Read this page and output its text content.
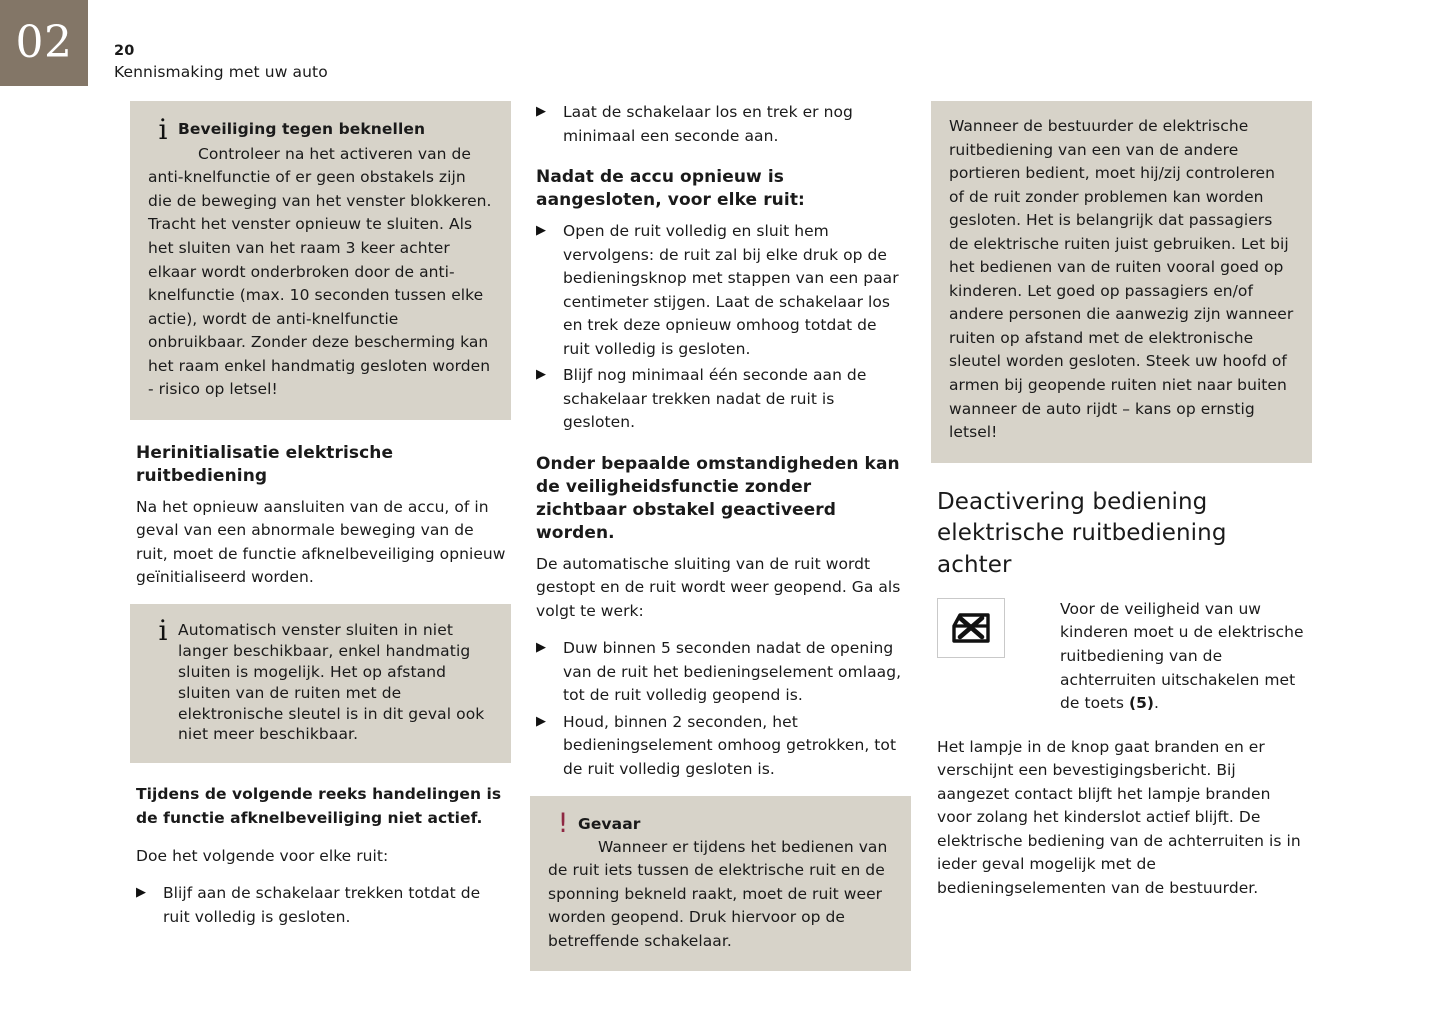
02	20
Kennismaking met uw auto
i Beveiliging tegen beknellen
Controleer na het activeren van de anti-knelfunctie of er geen obstakels zijn die de beweging van het venster blokkeren. Tracht het venster opnieuw te sluiten. Als het sluiten van het raam 3 keer achter elkaar wordt onderbroken door de anti-knelfunctie (max. 10 seconden tussen elke actie), wordt de anti-knelfunctie onbruikbaar. Zonder deze bescherming kan het raam enkel handmatig gesloten worden - risico op letsel!
Herinitialisatie elektrische ruitbediening
Na het opnieuw aansluiten van de accu, of in geval van een abnormale beweging van de ruit, moet de functie afknelbeveiliging opnieuw geïnitialiseerd worden.
i Automatisch venster sluiten in niet langer beschikbaar, enkel handmatig sluiten is mogelijk. Het op afstand sluiten van de ruiten met de elektronische sleutel is in dit geval ook niet meer beschikbaar.
Tijdens de volgende reeks handelingen is de functie afknelbeveiliging niet actief.
Doe het volgende voor elke ruit:
▶	Blijf aan de schakelaar trekken totdat de ruit volledig is gesloten.
▶	Laat de schakelaar los en trek er nog minimaal een seconde aan.
Nadat de accu opnieuw is aangesloten, voor elke ruit:
▶	Open de ruit volledig en sluit hem vervolgens: de ruit zal bij elke druk op de bedieningsknop met stappen van een paar centimeter stijgen. Laat de schakelaar los en trek deze opnieuw omhoog totdat de ruit volledig is gesloten.
▶	Blijf nog minimaal één seconde aan de schakelaar trekken nadat de ruit is gesloten.
Onder bepaalde omstandigheden kan de veiligheidsfunctie zonder zichtbaar obstakel geactiveerd worden.
De automatische sluiting van de ruit wordt gestopt en de ruit wordt weer geopend. Ga als volgt te werk:
▶	Duw binnen 5 seconden nadat de opening van de ruit het bedieningselement omlaag, tot de ruit volledig geopend is.
▶	Houd, binnen 2 seconden, het bedieningselement omhoog getrokken, tot de ruit volledig gesloten is.
! Gevaar
Wanneer er tijdens het bedienen van de ruit iets tussen de elektrische ruit en de sponning bekneld raakt, moet de ruit weer worden geopend. Druk hiervoor op de betreffende schakelaar.
Wanneer de bestuurder de elektrische ruitbediening van een van de andere portieren bedient, moet hij/zij controleren of de ruit zonder problemen kan worden gesloten. Het is belangrijk dat passagiers de elektrische ruiten juist gebruiken. Let bij het bedienen van de ruiten vooral goed op kinderen. Let goed op passagiers en/of andere personen die aanwezig zijn wanneer ruiten op afstand met de elektronische sleutel worden gesloten. Steek uw hoofd of armen bij geopende ruiten niet naar buiten wanneer de auto rijdt – kans op ernstig letsel!
Deactivering bediening elektrische ruitbediening achter
Voor de veiligheid van uw kinderen moet u de elektrische ruitbediening van de achterruiten uitschakelen met de toets (5).
Het lampje in de knop gaat branden en er verschijnt een bevestigingsbericht. Bij aangezet contact blijft het lampje branden voor zolang het kinderslot actief blijft. De elektrische bediening van de achterruiten is in ieder geval mogelijk met de bedieningselementen van de bestuurder.
